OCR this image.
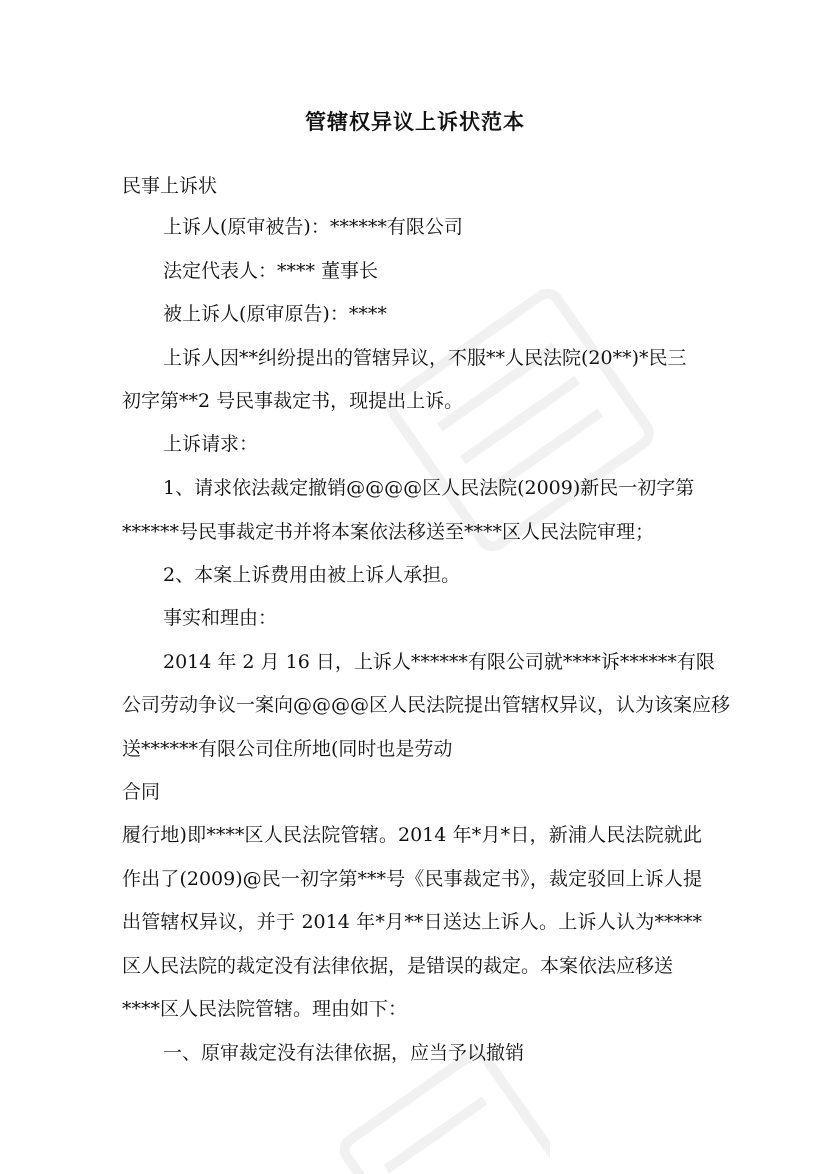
管辖权异议上诉状范本
民事上诉状
上诉人(原审被告)：******有限公司
法定代表人：**** 董事长
被上诉人(原审原告)：****
上诉人因**纠纷提出的管辖异议，不服**人民法院(20**)*民三
初字第**2 号民事裁定书，现提出上诉。
上诉请求：
1、请求依法裁定撤销@@@@区人民法院(2009)新民一初字第
******号民事裁定书并将本案依法移送至****区人民法院审理；
2、本案上诉费用由被上诉人承担。
事实和理由：
2014 年 2 月 16 日，上诉人******有限公司就****诉******有限
公司劳动争议一案向@@@@区人民法院提出管辖权异议，认为该案应移
送******有限公司住所地(同时也是劳动
合同
履行地)即****区人民法院管辖。2014 年*月*日，新浦人民法院就此
作出了(2009)@民一初字第***号《民事裁定书》，裁定驳回上诉人提
出管辖权异议，并于 2014 年*月**日送达上诉人。上诉人认为*****
区人民法院的裁定没有法律依据，是错误的裁定。本案依法应移送
****区人民法院管辖。理由如下：
一、原审裁定没有法律依据，应当予以撤销
